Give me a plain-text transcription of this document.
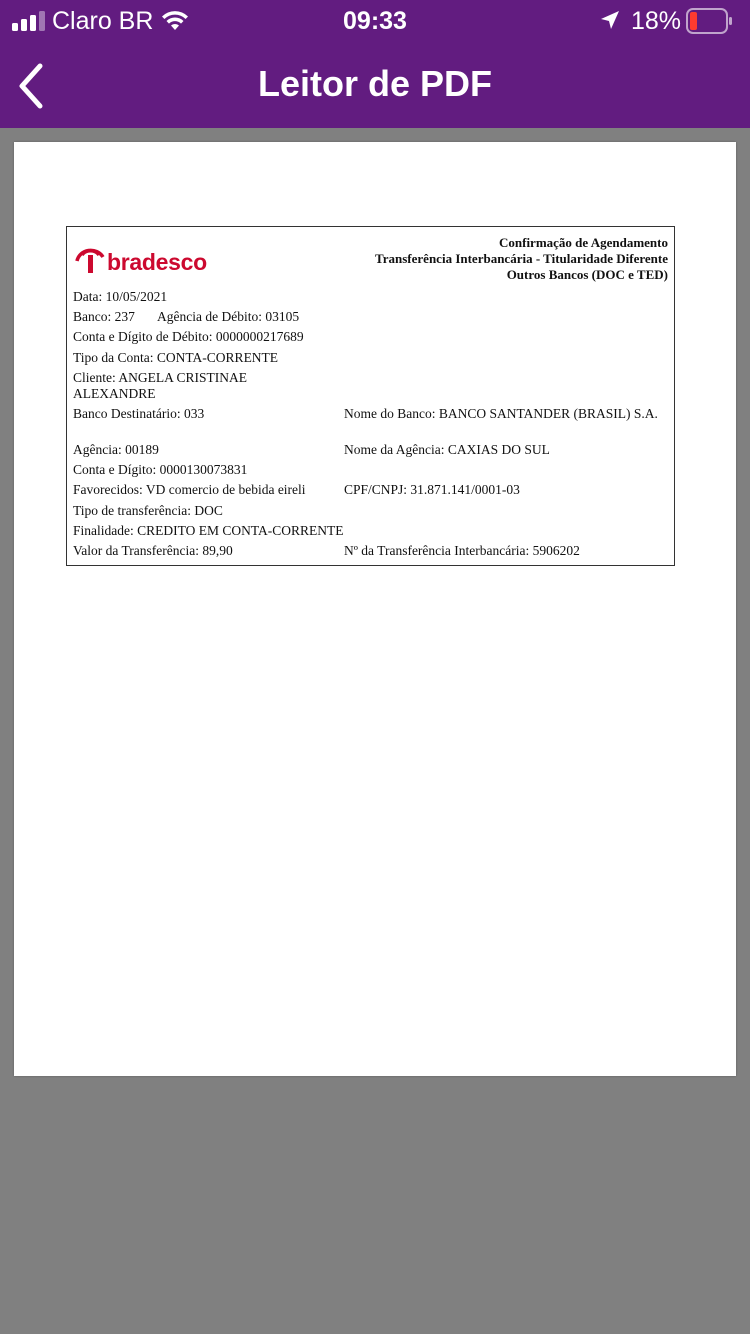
Claro BR	09:33	18%
Leitor de PDF
bradesco
Confirmação de Agendamento
Transferência Interbancária - Titularidade Diferente
Outros Bancos (DOC e TED)
Data: 10/05/2021
Banco: 237 Agência de Débito: 03105
Conta e Dígito de Débito: 0000000217689
Tipo da Conta: CONTA-CORRENTE
Cliente: ANGELA CRISTINAE ALEXANDRE
Banco Destinatário: 033	Nome do Banco: BANCO SANTANDER (BRASIL) S.A.
Agência: 00189	Nome da Agência: CAXIAS DO SUL
Conta e Dígito: 0000130073831
Favorecidos: VD comercio de bebida eireli	CPF/CNPJ: 31.871.141/0001-03
Tipo de transferência: DOC
Finalidade: CREDITO EM CONTA-CORRENTE
Valor da Transferência: 89,90	Nº da Transferência Interbancária: 5906202
